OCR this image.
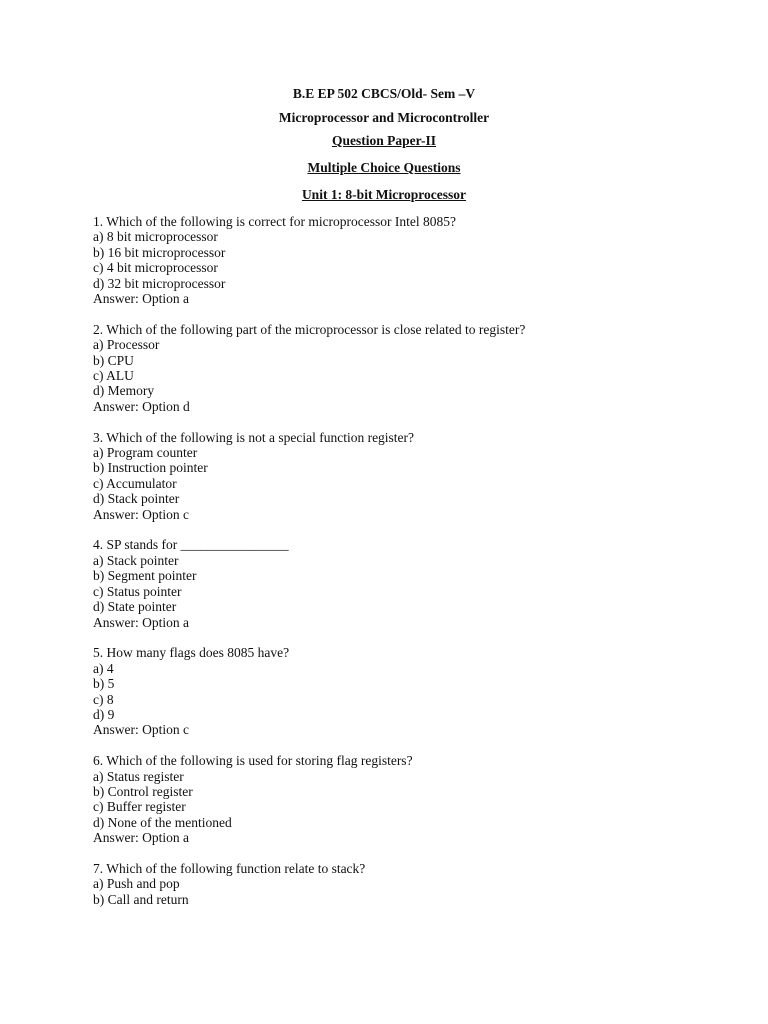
B.E EP 502 CBCS/Old- Sem –V
Microprocessor and Microcontroller
Question Paper-II
Multiple Choice Questions
Unit 1: 8-bit Microprocessor
1. Which of the following is correct for microprocessor Intel 8085?
a) 8 bit microprocessor
b) 16 bit microprocessor
c) 4 bit microprocessor
d) 32 bit microprocessor
Answer: Option a
2. Which of the following part of the microprocessor is close related to register?
a) Processor
b) CPU
c) ALU
d) Memory
Answer: Option d
3. Which of the following is not a special function register?
a) Program counter
b) Instruction pointer
c) Accumulator
d) Stack pointer
Answer: Option c
4. SP stands for ________________
a) Stack pointer
b) Segment pointer
c) Status pointer
d) State pointer
Answer: Option a
5. How many flags does 8085 have?
a) 4
b) 5
c) 8
d) 9
Answer: Option c
6. Which of the following is used for storing flag registers?
a) Status register
b) Control register
c) Buffer register
d) None of the mentioned
Answer: Option a
7. Which of the following function relate to stack?
a) Push and pop
b) Call and return
